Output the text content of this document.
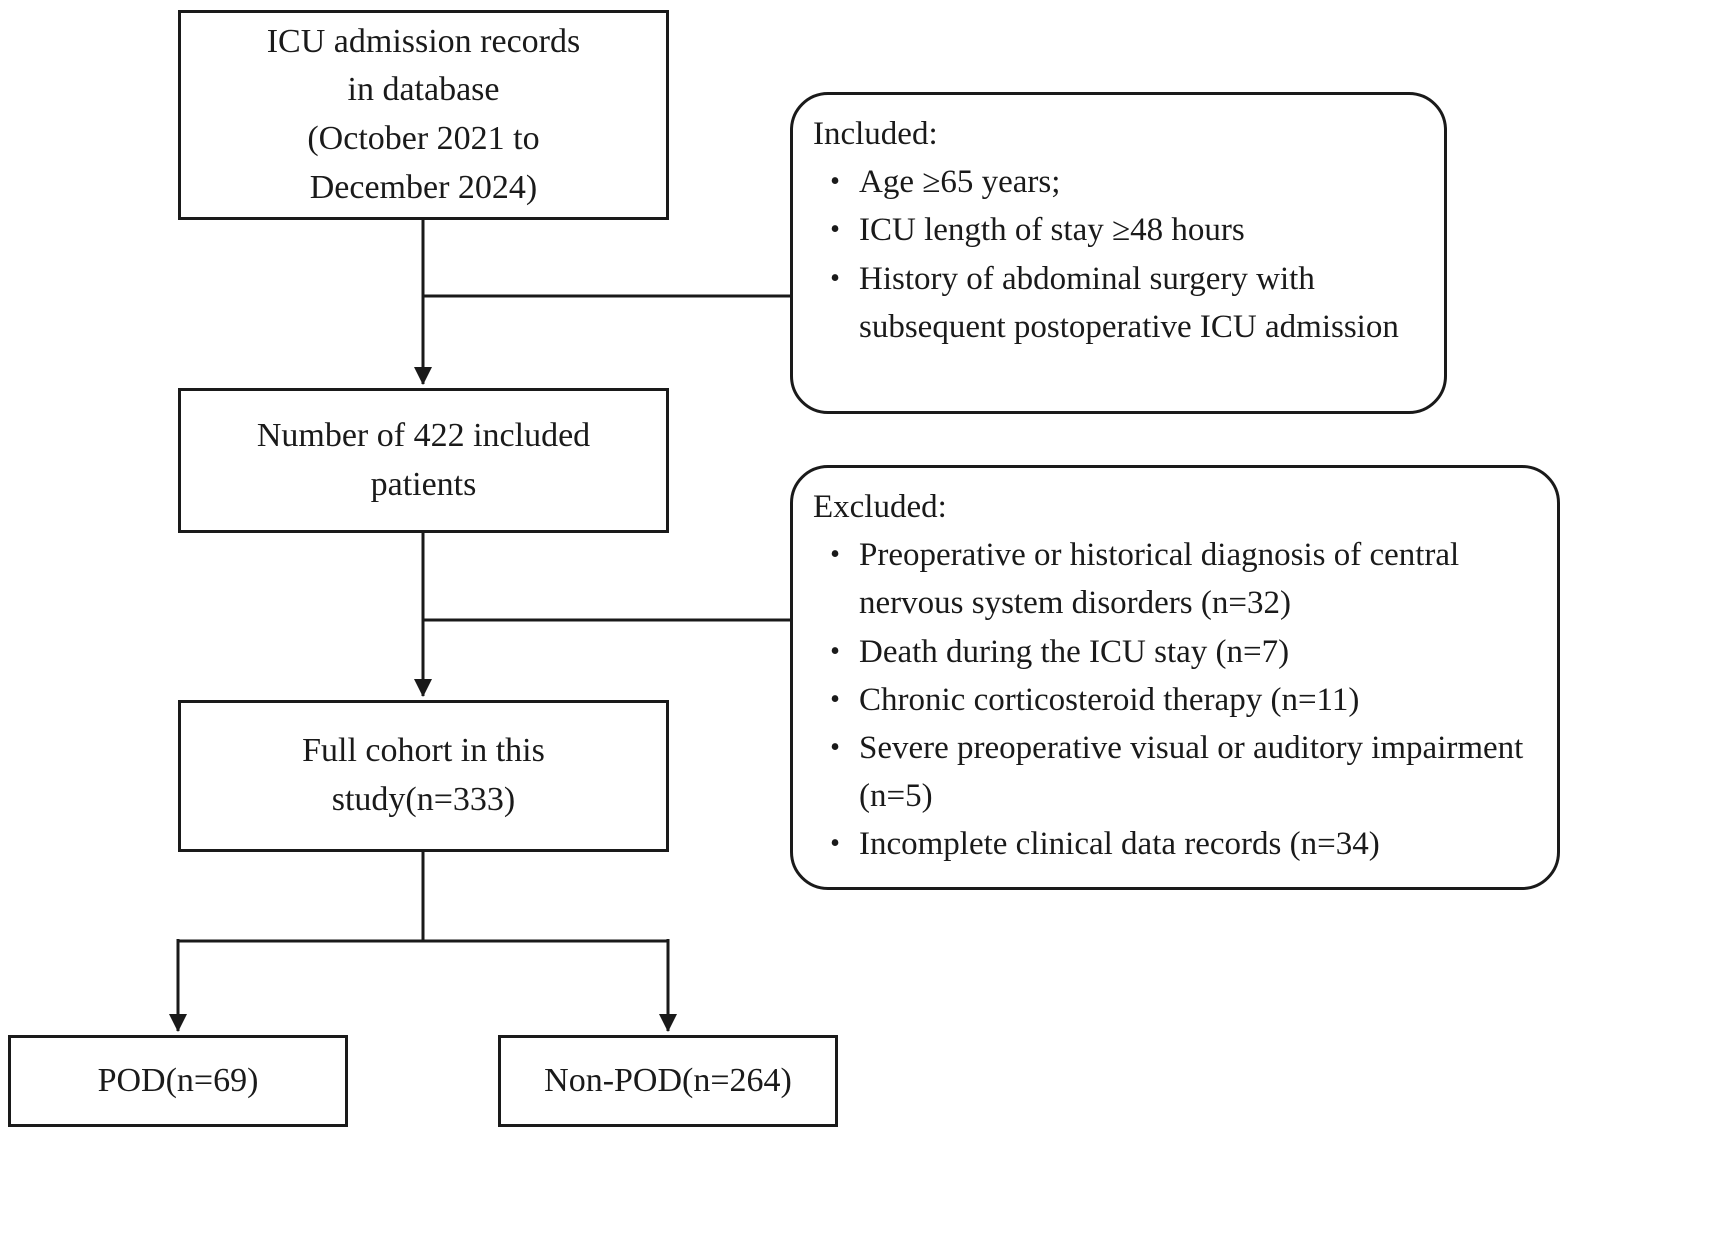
ICU admission records
in database
(October 2021 to
December 2024)
Included:
• Age ≥65 years;
• ICU length of stay ≥48 hours
• History of abdominal surgery with subsequent postoperative ICU admission
Number of 422 included
patients
Excluded:
• Preoperative or historical diagnosis of central nervous system disorders (n=32)
• Death during the ICU stay (n=7)
• Chronic corticosteroid therapy (n=11)
• Severe preoperative visual or auditory impairment (n=5)
• Incomplete clinical data records (n=34)
Full cohort in this
study(n=333)
POD(n=69)	Non-POD(n=264)
